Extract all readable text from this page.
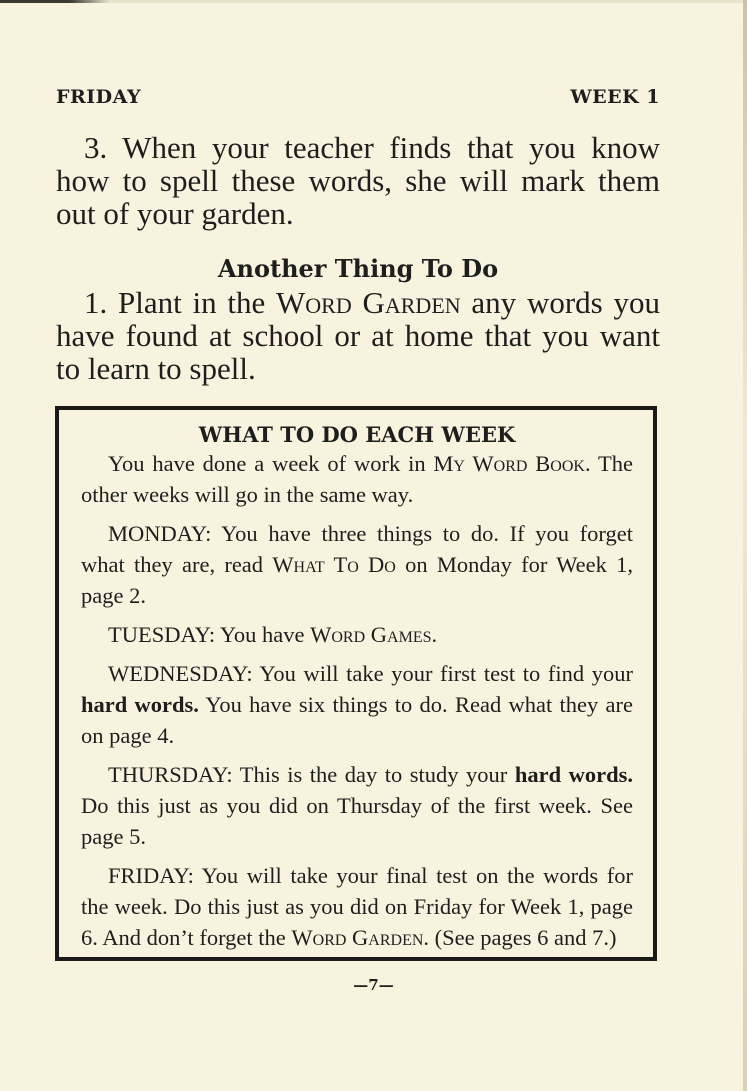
FRIDAY	WEEK 1
3. When your teacher finds that you know how to spell these words, she will mark them out of your garden.
Another Thing To Do
1. Plant in the Word Garden any words you have found at school or at home that you want to learn to spell.
WHAT TO DO EACH WEEK

You have done a week of work in My Word Book. The other weeks will go in the same way.

MONDAY: You have three things to do. If you forget what they are, read What To Do on Monday for Week 1, page 2.

TUESDAY: You have Word Games.

WEDNESDAY: You will take your first test to find your hard words. You have six things to do. Read what they are on page 4.

THURSDAY: This is the day to study your hard words. Do this just as you did on Thursday of the first week. See page 5.

FRIDAY: You will take your final test on the words for the week. Do this just as you did on Friday for Week 1, page 6. And don’t forget the Word Garden. (See pages 6 and 7.)

—7—
